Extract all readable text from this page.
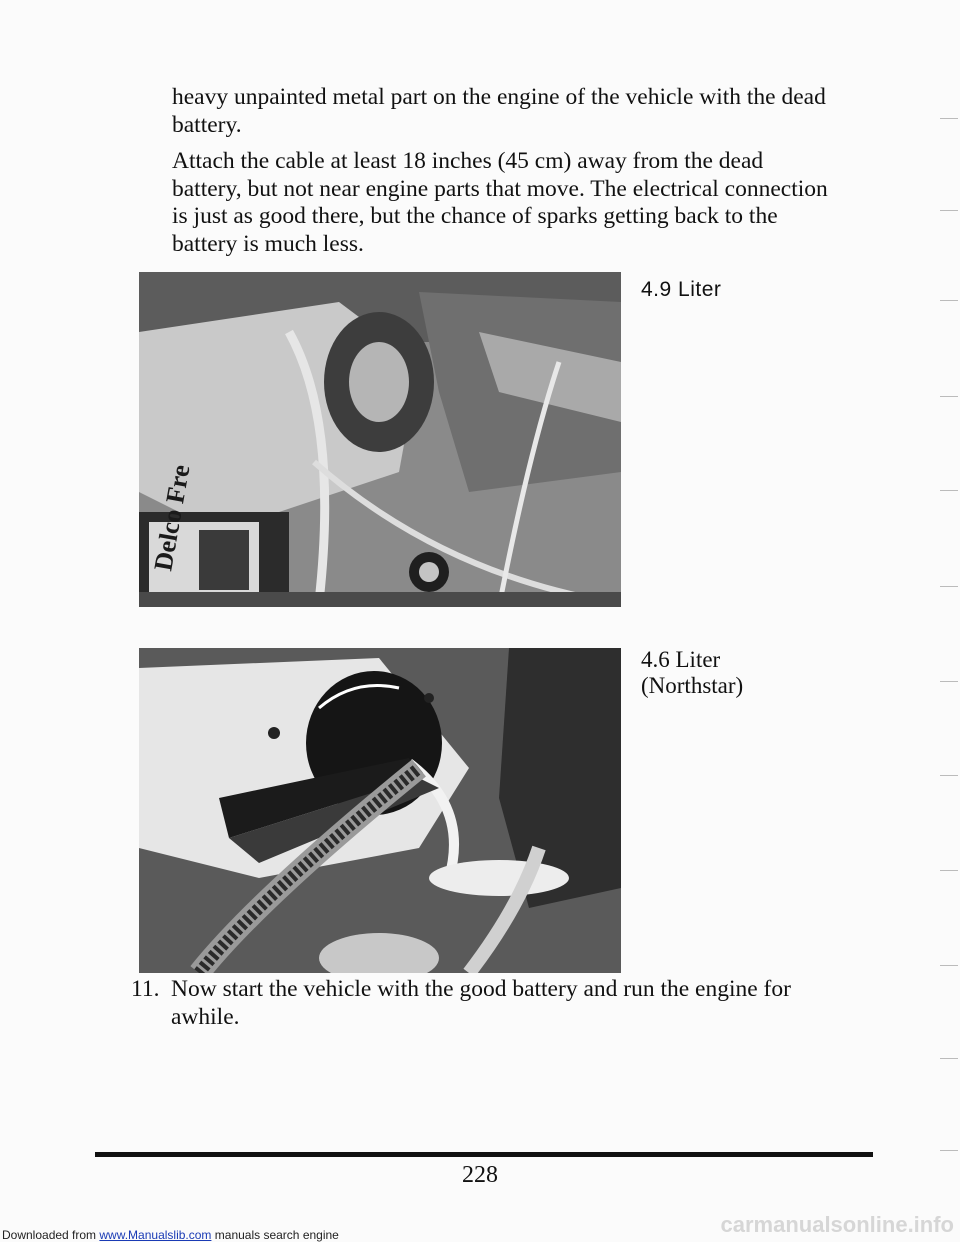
heavy unpainted metal part on the engine of the vehicle with the dead
battery.

Attach the cable at least 18 inches (45 cm) away from the dead
battery, but not near engine parts that move. The electrical connection
is just as good there, but the chance of sparks getting back to the
battery is much less.

Delco Fre
4.9 Liter
4.6 Liter
(Northstar)
11. Now start the vehicle with the good battery and run the engine for
awhile.
228
Downloaded from www.Manualslib.com manuals search engine	carmanualsonline.info
